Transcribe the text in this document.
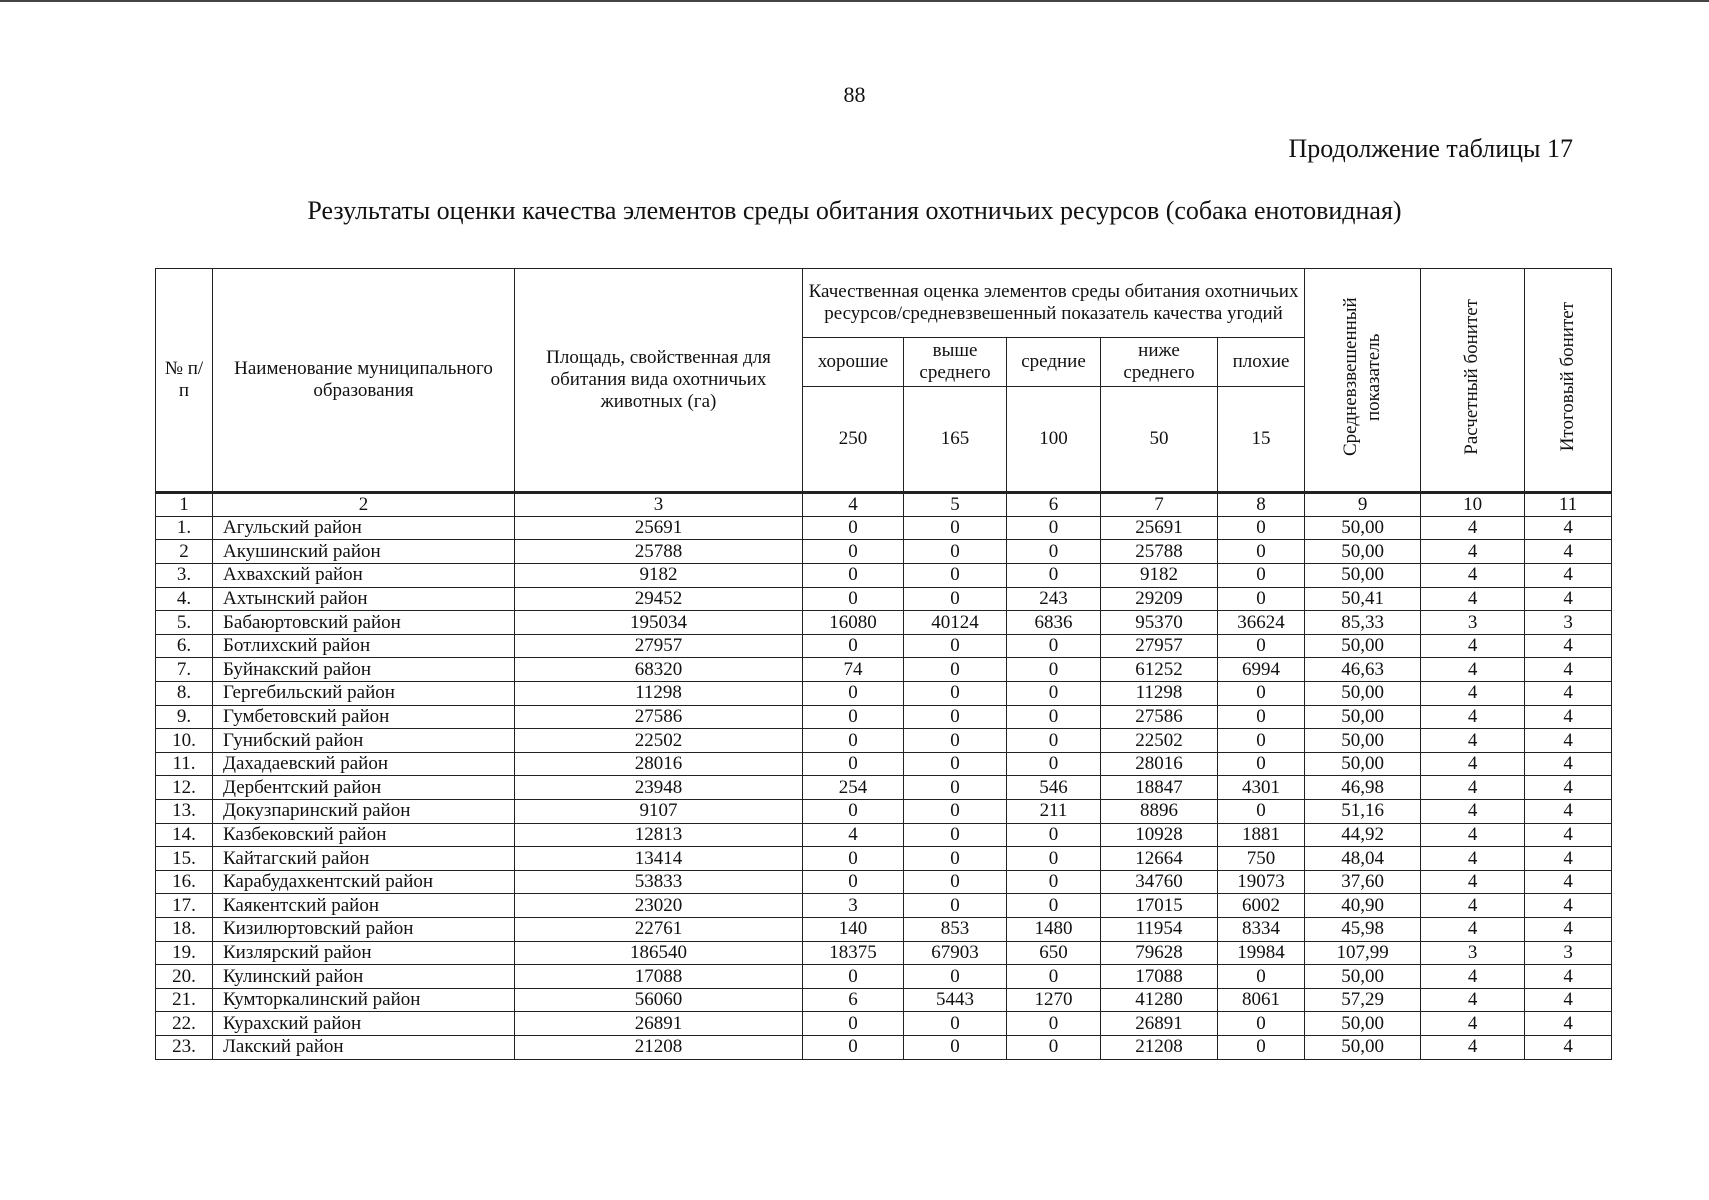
88
Продолжение таблицы 17
Результаты оценки качества элементов среды обитания охотничьих ресурсов (собака енотовидная)
№ п/п	Наименование муниципального образования	Площадь, свойственная для обитания вида охотничьих животных (га)	Качественная оценка элементов среды обитания охотничьих ресурсов/средневзвешенный показатель качества угодий					Средневзвешенный показатель	Расчетный бонитет	Итоговый бонитет
			хорошие	выше среднего	средние	ниже среднего	плохие			
			250	165	100	50	15			
1	2	3	4	5	6	7	8	9	10	11
1.	Агульский район	25691	0	0	0	25691	0	50,00	4	4
2	Акушинский район	25788	0	0	0	25788	0	50,00	4	4
3.	Ахвахский район	9182	0	0	0	9182	0	50,00	4	4
4.	Ахтынский район	29452	0	0	243	29209	0	50,41	4	4
5.	Бабаюртовский район	195034	16080	40124	6836	95370	36624	85,33	3	3
6.	Ботлихский район	27957	0	0	0	27957	0	50,00	4	4
7.	Буйнакский район	68320	74	0	0	61252	6994	46,63	4	4
8.	Гергебильский район	11298	0	0	0	11298	0	50,00	4	4
9.	Гумбетовский район	27586	0	0	0	27586	0	50,00	4	4
10.	Гунибский район	22502	0	0	0	22502	0	50,00	4	4
11.	Дахадаевский район	28016	0	0	0	28016	0	50,00	4	4
12.	Дербентский район	23948	254	0	546	18847	4301	46,98	4	4
13.	Докузпаринский район	9107	0	0	211	8896	0	51,16	4	4
14.	Казбековский район	12813	4	0	0	10928	1881	44,92	4	4
15.	Кайтагский район	13414	0	0	0	12664	750	48,04	4	4
16.	Карабудахкентский район	53833	0	0	0	34760	19073	37,60	4	4
17.	Каякентский район	23020	3	0	0	17015	6002	40,90	4	4
18.	Кизилюртовский район	22761	140	853	1480	11954	8334	45,98	4	4
19.	Кизлярский район	186540	18375	67903	650	79628	19984	107,99	3	3
20.	Кулинский район	17088	0	0	0	17088	0	50,00	4	4
21.	Кумторкалинский район	56060	6	5443	1270	41280	8061	57,29	4	4
22.	Курахский район	26891	0	0	0	26891	0	50,00	4	4
23.	Лакский район	21208	0	0	0	21208	0	50,00	4	4
